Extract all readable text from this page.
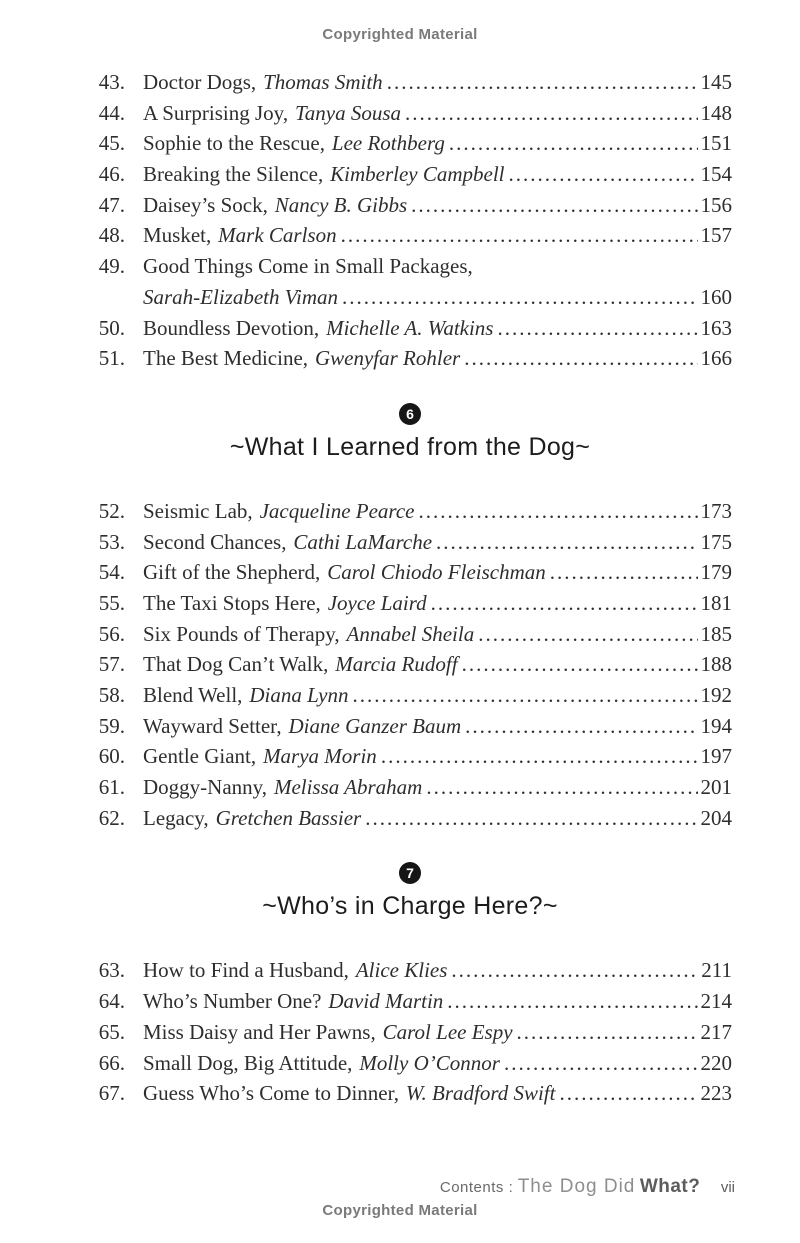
Copyrighted Material
43. Doctor Dogs, Thomas Smith .....	145
44. A Surprising Joy, Tanya Sousa .....	148
45. Sophie to the Rescue, Lee Rothberg .....	151
46. Breaking the Silence, Kimberley Campbell .....	154
47. Daisey’s Sock, Nancy B. Gibbs .....	156
48. Musket, Mark Carlson .....	157
49. Good Things Come in Small Packages,
Sarah-Elizabeth Viman .....	160
50. Boundless Devotion, Michelle A. Watkins .....	163
51. The Best Medicine, Gwenyfar Rohler .....	166
6
~What I Learned from the Dog~
52. Seismic Lab, Jacqueline Pearce .....	173
53. Second Chances, Cathi LaMarche .....	175
54. Gift of the Shepherd, Carol Chiodo Fleischman .....	179
55. The Taxi Stops Here, Joyce Laird .....	181
56. Six Pounds of Therapy, Annabel Sheila .....	185
57. That Dog Can’t Walk, Marcia Rudoff .....	188
58. Blend Well, Diana Lynn .....	192
59. Wayward Setter, Diane Ganzer Baum .....	194
60. Gentle Giant, Marya Morin .....	197
61. Doggy-Nanny, Melissa Abraham .....	201
62. Legacy, Gretchen Bassier .....	204
7
~Who’s in Charge Here?~
63. How to Find a Husband, Alice Klies .....	211
64. Who’s Number One? David Martin .....	214
65. Miss Daisy and Her Pawns, Carol Lee Espy .....	217
66. Small Dog, Big Attitude, Molly O’Connor .....	220
67. Guess Who’s Come to Dinner, W. Bradford Swift .....	223
Contents : The Dog Did What? vii
Copyrighted Material
